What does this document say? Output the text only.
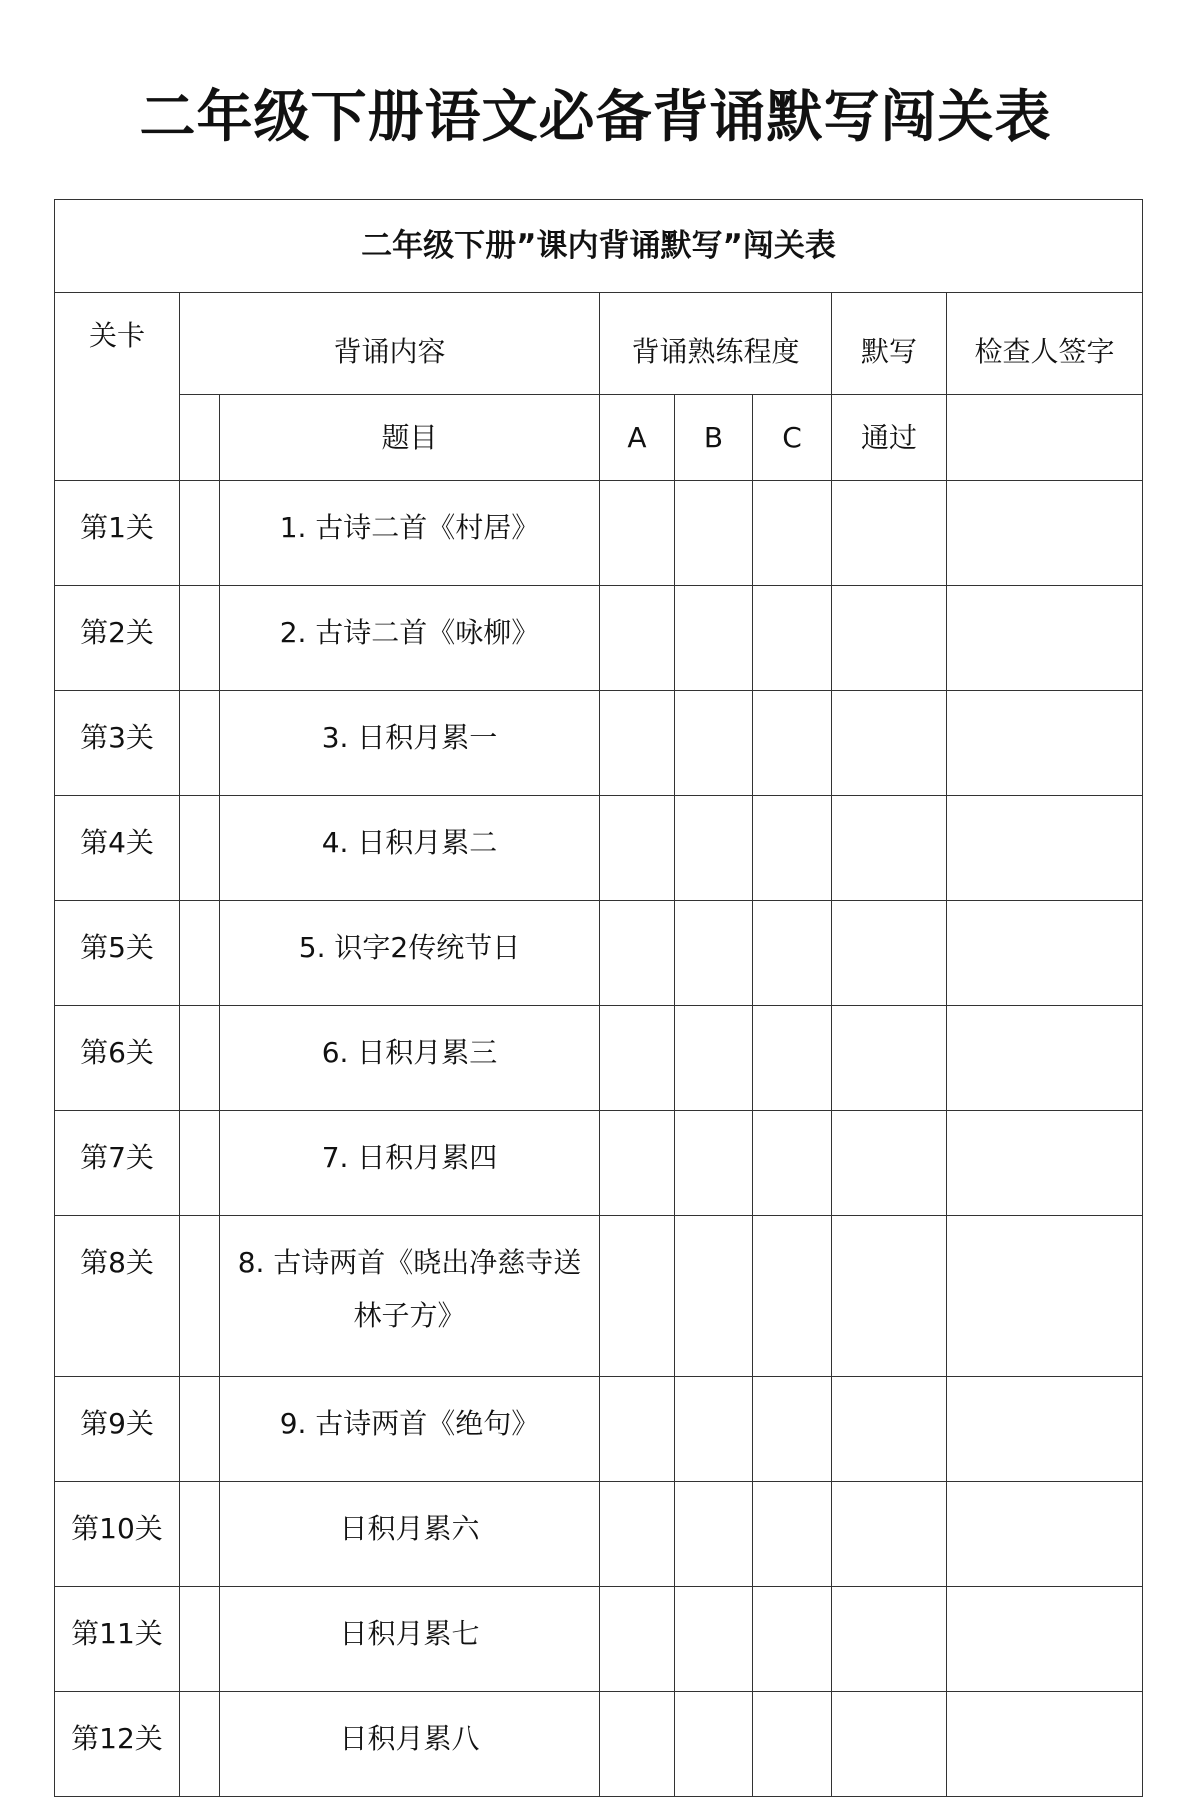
二年级下册语文必备背诵默写闯关表
二年级下册”课内背诵默写”闯关表							
关卡	背诵内容		背诵熟练程度			默写	检查人签字
		题目	A	B	C	通过	
第1关		1. 古诗二首《村居》					
第2关		2. 古诗二首《咏柳》					
第3关		3. 日积月累一					
第4关		4. 日积月累二					
第5关		5. 识字2传统节日					
第6关		6. 日积月累三					
第7关		7. 日积月累四					
第8关		8. 古诗两首《晓出净慈寺送林子方》					
第9关		9. 古诗两首《绝句》					
第10关		日积月累六					
第11关		日积月累七					
第12关		日积月累八					
